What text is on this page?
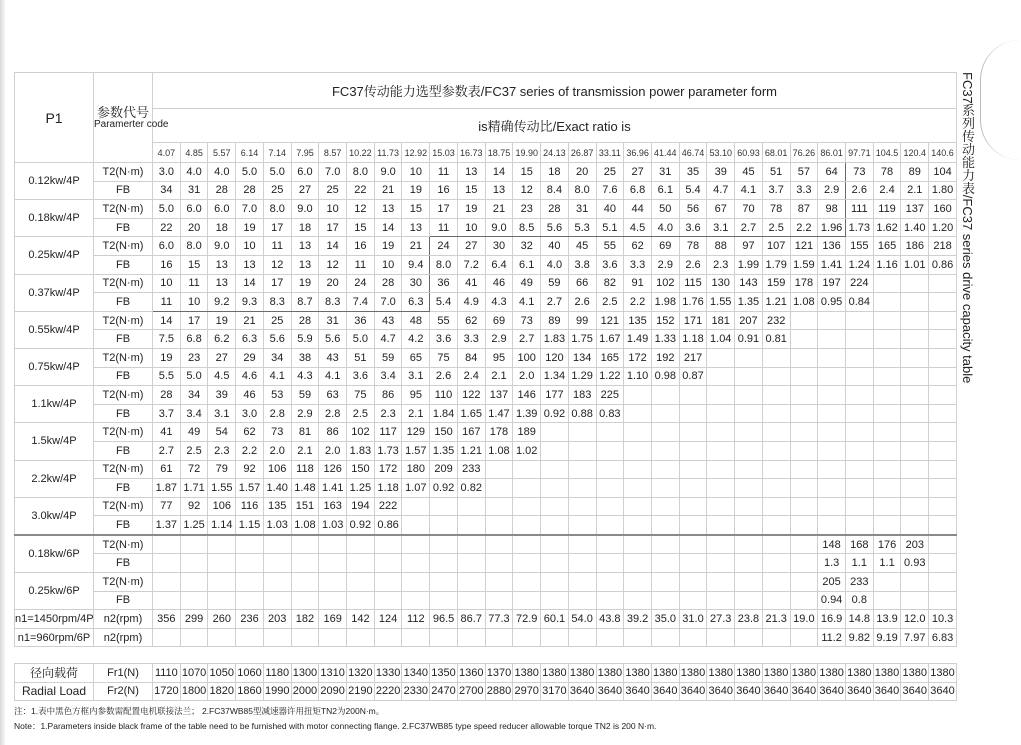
P1	参数代号
Paramerter code	FC37传动能力选型参数表/FC37 series of transmission power parameter form																												
		is精确传动比/Exact ratio is																												
		4.07	4.85	5.57	6.14	7.14	7.95	8.57	10.22	11.73	12.92	15.03	16.73	18.75	19.90	24.13	26.87	33.11	36.96	41.44	46.74	53.10	60.93	68.01	76.26	86.01	97.71	104.5	120.4	140.6
0.12kw/4P	T2(N·m)	3.0	4.0	4.0	5.0	5.0	6.0	7.0	8.0	9.0	10	11	13	14	15	18	20	25	27	31	35	39	45	51	57	64	73	78	89	104
	FB	34	31	28	28	25	27	25	22	21	19	16	15	13	12	8.4	8.0	7.6	6.8	6.1	5.4	4.7	4.1	3.7	3.3	2.9	2.6	2.4	2.1	1.80
0.18kw/4P	T2(N·m)	5.0	6.0	6.0	7.0	8.0	9.0	10	12	13	15	17	19	21	23	28	31	40	44	50	56	67	70	78	87	98	111	119	137	160
	FB	22	20	18	19	17	18	17	15	14	13	11	10	9.0	8.5	5.6	5.3	5.1	4.5	4.0	3.6	3.1	2.7	2.5	2.2	1.96	1.73	1.62	1.40	1.20
0.25kw/4P	T2(N·m)	6.0	8.0	9.0	10	11	13	14	16	19	21	24	27	30	32	40	45	55	62	69	78	88	97	107	121	136	155	165	186	218
	FB	16	15	13	13	12	13	12	11	10	9.4	8.0	7.2	6.4	6.1	4.0	3.8	3.6	3.3	2.9	2.6	2.3	1.99	1.79	1.59	1.41	1.24	1.16	1.01	0.86
0.37kw/4P	T2(N·m)	10	11	13	14	17	19	20	24	28	30	36	41	46	49	59	66	82	91	102	115	130	143	159	178	197	224			
	FB	11	10	9.2	9.3	8.3	8.7	8.3	7.4	7.0	6.3	5.4	4.9	4.3	4.1	2.7	2.6	2.5	2.2	1.98	1.76	1.55	1.35	1.21	1.08	0.95	0.84			
0.55kw/4P	T2(N·m)	14	17	19	21	25	28	31	36	43	48	55	62	69	73	89	99	121	135	152	171	181	207	232						
	FB	7.5	6.8	6.2	6.3	5.6	5.9	5.6	5.0	4.7	4.2	3.6	3.3	2.9	2.7	1.83	1.75	1.67	1.49	1.33	1.18	1.04	0.91	0.81						
0.75kw/4P	T2(N·m)	19	23	27	29	34	38	43	51	59	65	75	84	95	100	120	134	165	172	192	217									
	FB	5.5	5.0	4.5	4.6	4.1	4.3	4.1	3.6	3.4	3.1	2.6	2.4	2.1	2.0	1.34	1.29	1.22	1.10	0.98	0.87									
1.1kw/4P	T2(N·m)	28	34	39	46	53	59	63	75	86	95	110	122	137	146	177	183	225												
	FB	3.7	3.4	3.1	3.0	2.8	2.9	2.8	2.5	2.3	2.1	1.84	1.65	1.47	1.39	0.92	0.88	0.83												
1.5kw/4P	T2(N·m)	41	49	54	62	73	81	86	102	117	129	150	167	178	189															
	FB	2.7	2.5	2.3	2.2	2.0	2.1	2.0	1.83	1.73	1.57	1.35	1.21	1.08	1.02															
2.2kw/4P	T2(N·m)	61	72	79	92	106	118	126	150	172	180	209	233																	
	FB	1.87	1.71	1.55	1.57	1.40	1.48	1.41	1.25	1.18	1.07	0.92	0.82																	
3.0kw/4P	T2(N·m)	77	92	106	116	135	151	163	194	222																				
	FB	1.37	1.25	1.14	1.15	1.03	1.08	1.03	0.92	0.86																				
0.18kw/6P	T2(N·m)																									148	168	176	203	
	FB																									1.3	1.1	1.1	0.93	
0.25kw/6P	T2(N·m)																									205	233			
	FB																									0.94	0.8			
n1=1450rpm/4P	n2(rpm)	356	299	260	236	203	182	169	142	124	112	96.5	86.7	77.3	72.9	60.1	54.0	43.8	39.2	35.0	31.0	27.3	23.8	21.3	19.0	16.9	14.8	13.9	12.0	10.3
n1=960rpm/6P	n2(rpm)																									11.2	9.82	9.19	7.97	6.83
径向载荷	Fr1(N)	1110	1070	1050	1060	1180	1300	1310	1320	1330	1340	1350	1360	1370	1380	1380	1380	1380	1380	1380	1380	1380	1380	1380	1380	1380	1380	1380	1380	1380
Radial Load	Fr2(N)	1720	1800	1820	1860	1990	2000	2090	2190	2220	2330	2470	2700	2880	2970	3170	3640	3640	3640	3640	3640	3640	3640	3640	3640	3640	3640	3640	3640	3640
注：1.表中黑色方框内参数需配置电机联接法兰； 2.FC37WB85型减速器许用扭矩TN2为200N·m。
Note：1.Parameters inside black frame of the table need to be furnished with motor connecting flange. 2.FC37WB85 type speed reducer allowable torque TN2 is 200 N·m.
FC37系列传动能力表/FC37 series drive capacity table
